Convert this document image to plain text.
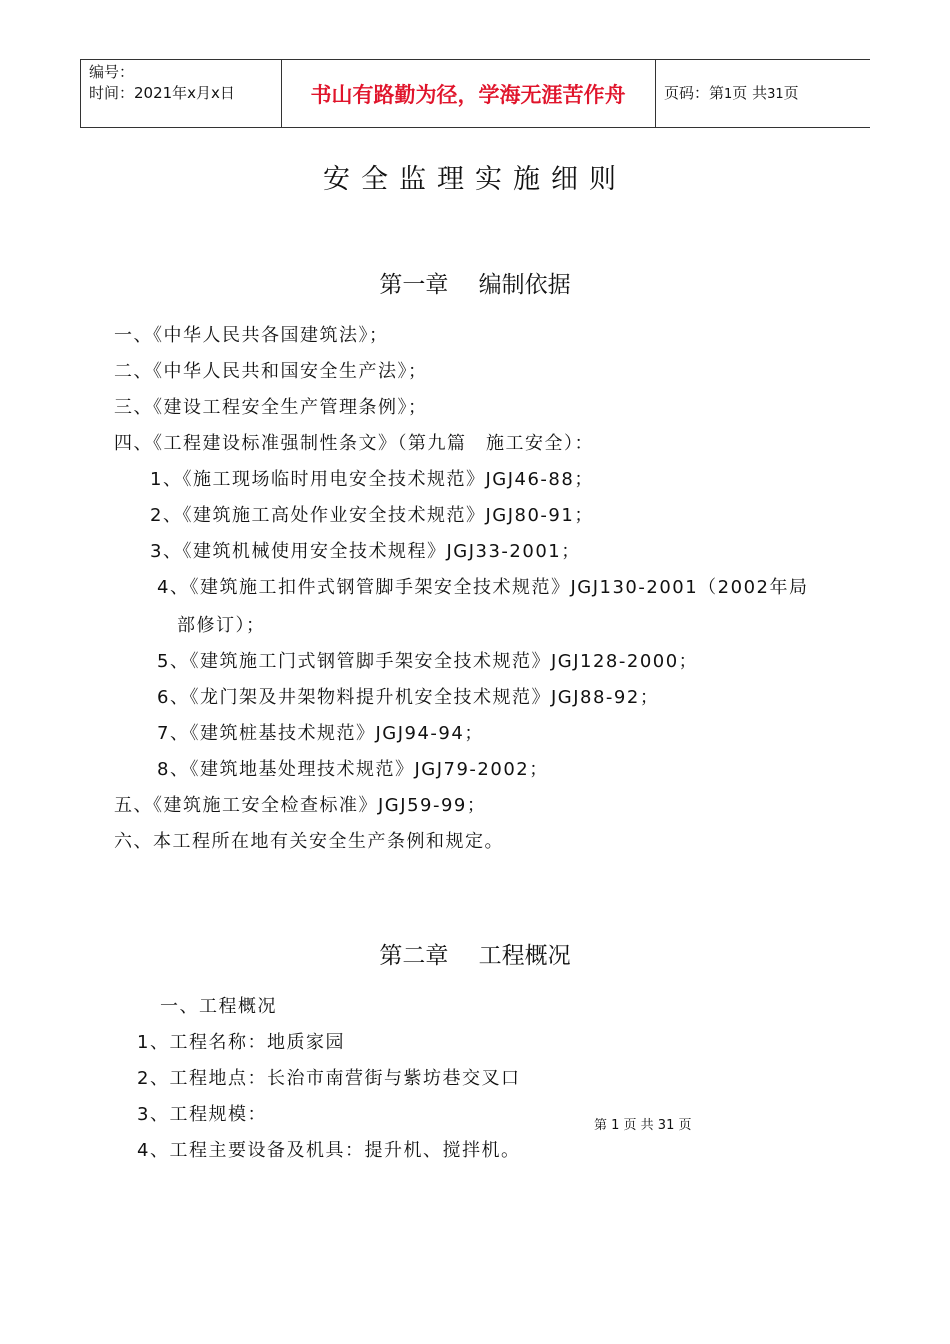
编号：
时间：2021年x月x日	书山有路勤为径，学海无涯苦作舟	页码：第1页 共31页
安全监理实施细则
第一章　 编制依据
一、《中华人民共各国建筑法》；
二、《中华人民共和国安全生产法》；
三、《建设工程安全生产管理条例》；
四、《工程建设标准强制性条文》（第九篇　施工安全）：
1、《施工现场临时用电安全技术规范》JGJ46-88；
2、《建筑施工高处作业安全技术规范》JGJ80-91；
3、《建筑机械使用安全技术规程》JGJ33-2001；
4、《建筑施工扣件式钢管脚手架安全技术规范》JGJ130-2001（2002年局
部修订）；
5、《建筑施工门式钢管脚手架安全技术规范》JGJ128-2000；
6、《龙门架及井架物料提升机安全技术规范》JGJ88-92；
7、《建筑桩基技术规范》JGJ94-94；
8、《建筑地基处理技术规范》JGJ79-2002；
五、《建筑施工安全检查标准》JGJ59-99；
六、本工程所在地有关安全生产条例和规定。
第二章　 工程概况
一、工程概况
1、工程名称：地质家园
2、工程地点：长治市南营街与紫坊巷交叉口
3、工程规模：
4、工程主要设备及机具：提升机、搅拌机。
第 1 页 共 31 页
